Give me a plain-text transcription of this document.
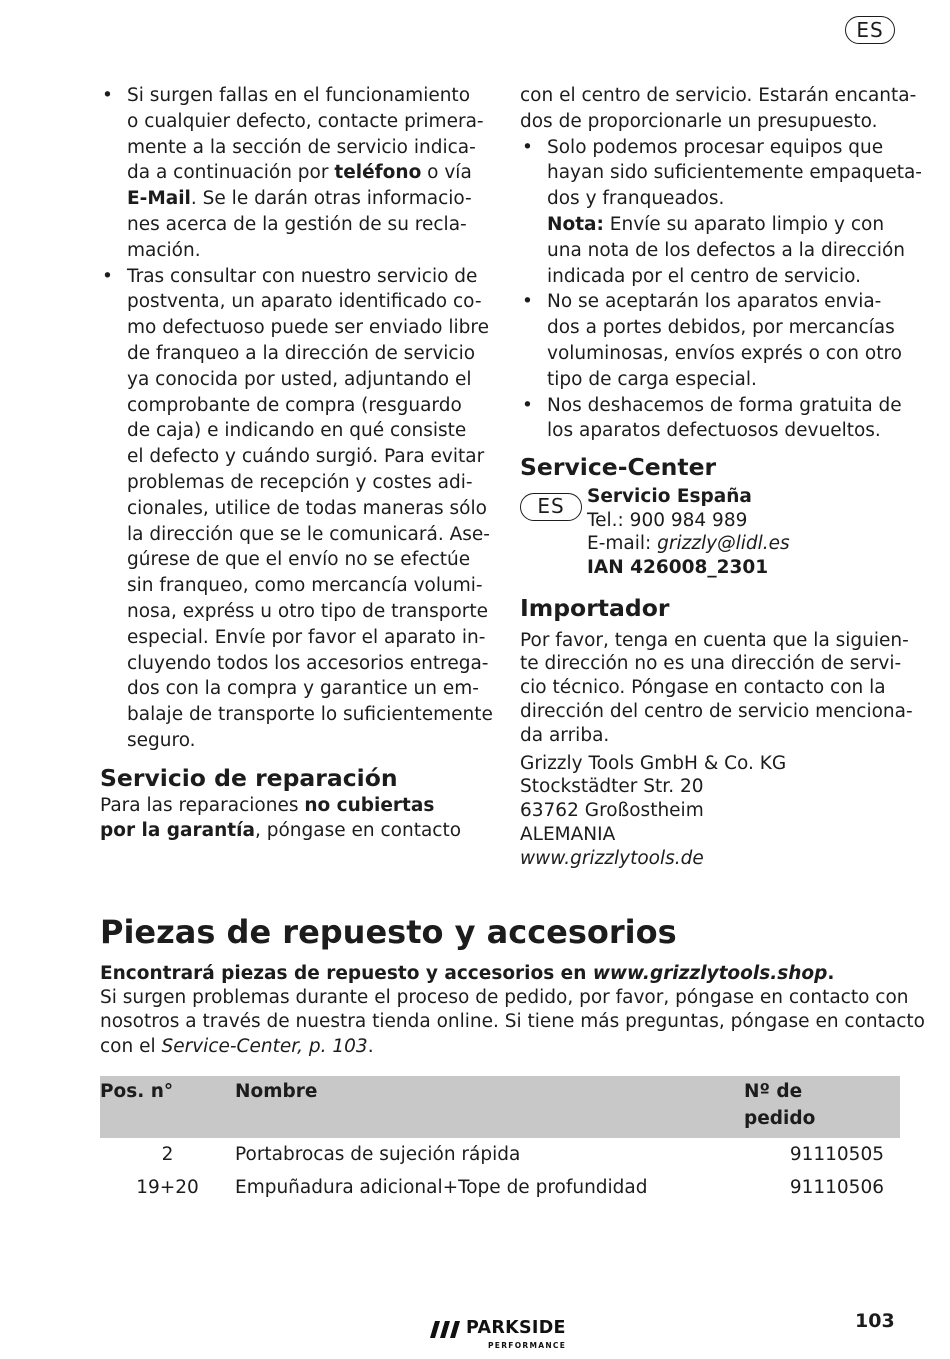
ES
• Si surgen fallas en el funcionamiento
o cualquier defecto, contacte primera-
mente a la sección de servicio indica-
da a continuación por teléfono o vía
E-Mail. Se le darán otras informacio-
nes acerca de la gestión de su recla-
mación.
• Tras consultar con nuestro servicio de
postventa, un aparato identificado co-
mo defectuoso puede ser enviado libre
de franqueo a la dirección de servicio
ya conocida por usted, adjuntando el
comprobante de compra (resguardo
de caja) e indicando en qué consiste
el defecto y cuándo surgió. Para evitar
problemas de recepción y costes adi-
cionales, utilice de todas maneras sólo
la dirección que se le comunicará. Ase-
gúrese de que el envío no se efectúe
sin franqueo, como mercancía volumi-
nosa, expréss u otro tipo de transporte
especial. Envíe por favor el aparato in-
cluyendo todos los accesorios entrega-
dos con la compra y garantice un em-
balaje de transporte lo suficientemente
seguro.
Servicio de reparación
Para las reparaciones no cubiertas
por la garantía, póngase en contacto
con el centro de servicio. Estarán encanta-
dos de proporcionarle un presupuesto.
• Solo podemos procesar equipos que
hayan sido suficientemente empaqueta-
dos y franqueados.
Nota: Envíe su aparato limpio y con
una nota de los defectos a la dirección
indicada por el centro de servicio.
• No se aceptarán los aparatos envia-
dos a portes debidos, por mercancías
voluminosas, envíos exprés o con otro
tipo de carga especial.
• Nos deshacemos de forma gratuita de
los aparatos defectuosos devueltos.
Service-Center
ES	Servicio España
Tel.: 900 984 989
E-mail: grizzly@lidl.es
IAN 426008_2301
Importador
Por favor, tenga en cuenta que la siguien-
te dirección no es una dirección de servi-
cio técnico. Póngase en contacto con la
dirección del centro de servicio menciona-
da arriba.
Grizzly Tools GmbH & Co. KG
Stockstädter Str. 20
63762 Großostheim
ALEMANIA
www.grizzlytools.de
Piezas de repuesto y accesorios
Encontrará piezas de repuesto y accesorios en www.grizzlytools.shop.
Si surgen problemas durante el proceso de pedido, por favor, póngase en contacto con
nosotros a través de nuestra tienda online. Si tiene más preguntas, póngase en contacto
con el Service-Center, p. 103.
Pos. n°	Nombre	Nº de
pedido

2	Portabrocas de sujeción rápida	91110505
19+20	Empuñadura adicional+Tope de profundidad	91110506
PARKSIDE
PERFORMANCE
103
